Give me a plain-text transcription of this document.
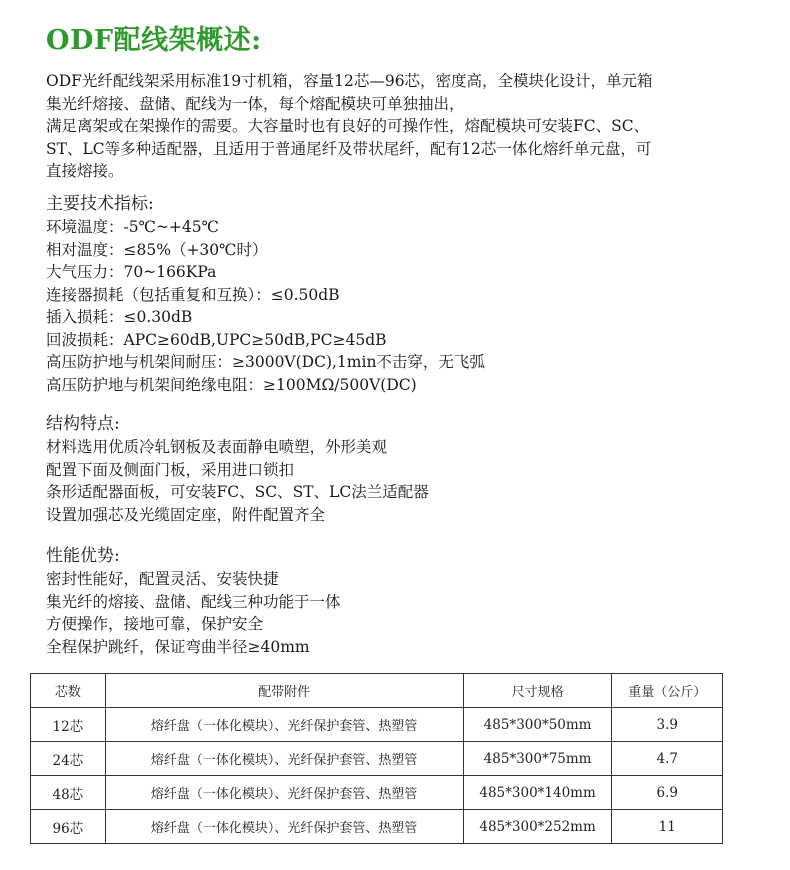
ODF配线架概述:
ODF光纤配线架采用标准19寸机箱，容量12芯—96芯，密度高，全模块化设计，单元箱
集光纤熔接、盘储、配线为一体，每个熔配模块可单独抽出，
满足离架或在架操作的需要。大容量时也有良好的可操作性，熔配模块可安装FC、SC、
ST、LC等多种适配器，且适用于普通尾纤及带状尾纤，配有12芯一体化熔纤单元盘，可
直接熔接。
主要技术指标:
环境温度：-5℃~+45℃
相对温度：≤85%（+30℃时）
大气压力：70~166KPa
连接器损耗（包括重复和互换）：≤0.50dB
插入损耗：≤0.30dB
回波损耗：APC≥60dB,UPC≥50dB,PC≥45dB
高压防护地与机架间耐压：≥3000V(DC),1min不击穿，无飞弧
高压防护地与机架间绝缘电阻：≥100MΩ/500V(DC)
结构特点:
材料选用优质冷轧钢板及表面静电喷塑，外形美观
配置下面及侧面门板，采用进口锁扣
条形适配器面板，可安装FC、SC、ST、LC法兰适配器
设置加强芯及光缆固定座，附件配置齐全
性能优势:
密封性能好，配置灵活、安装快捷
集光纤的熔接、盘储、配线三种功能于一体
方便操作，接地可靠，保护安全
全程保护跳纤，保证弯曲半径≥40mm
芯数	配带附件	尺寸规格	重量（公斤）
12芯	熔纤盘（一体化模块）、光纤保护套管、热塑管	485*300*50mm	3.9
24芯	熔纤盘（一体化模块）、光纤保护套管、热塑管	485*300*75mm	4.7
48芯	熔纤盘（一体化模块）、光纤保护套管、热塑管	485*300*140mm	6.9
96芯	熔纤盘（一体化模块）、光纤保护套管、热塑管	485*300*252mm	11
